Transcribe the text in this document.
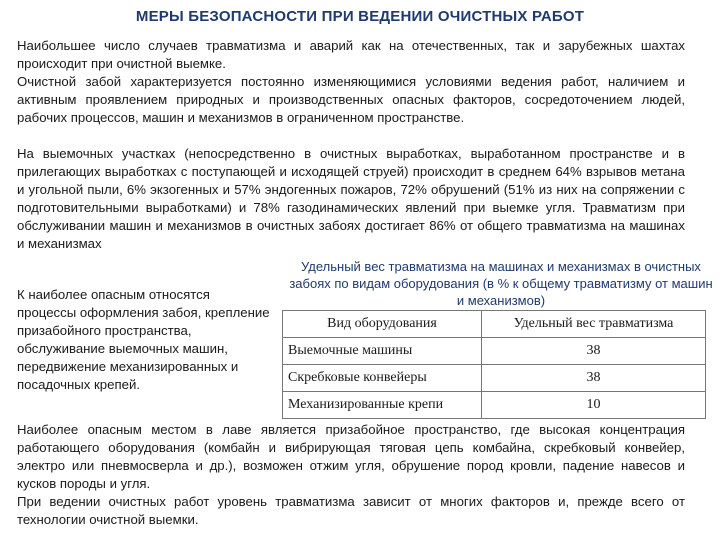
МЕРЫ БЕЗОПАСНОСТИ ПРИ ВЕДЕНИИ ОЧИСТНЫХ РАБОТ

Наибольшее число случаев травматизма и аварий как на отечественных, так и зарубежных шахтах происходит при очистной выемке.

Очистной забой характеризуется постоянно изменяющимися условиями ведения работ, наличием и активным проявлением природных и производственных опасных факторов, сосредоточением людей, рабочих процессов, машин и механизмов в ограниченном пространстве.

На выемочных участках (непосредственно в очистных выработках, выработанном пространстве и в прилегающих выработках с поступающей и исходящей струей) происходит в среднем 64% взрывов метана и угольной пыли, 6% экзогенных и 57% эндогенных пожаров, 72% обрушений (51% из них на сопряжении с подготовительными выработками) и 78% газодинамических явлений при выемке угля. Травматизм при обслуживании машин и механизмов в очистных забоях достигает 86% от общего травматизма на машинах и механизмах

К наиболее опасным относятся процессы оформления забоя, крепление призабойного пространства, обслуживание выемочных машин, передвижение механизированных и посадочных крепей.

Удельный вес травматизма на машинах и механизмах в очистных забоях по видам оборудования (в % к общему травматизму от машин и механизмов)

Вид оборудования	Удельный вес травматизма
Выемочные машины	38
Скребковые конвейеры	38
Механизированные крепи	10

Наиболее опасным местом в лаве является призабойное пространство, где высокая концентрация работающего оборудования (комбайн и вибрирующая тяговая цепь комбайна, скребковый конвейер, электро или пневмосверла и др.), возможен отжим угля, обрушение пород кровли, падение навесов и кусков породы и угля.

При ведении очистных работ уровень травматизма зависит от многих факторов и, прежде всего от технологии очистной выемки.
